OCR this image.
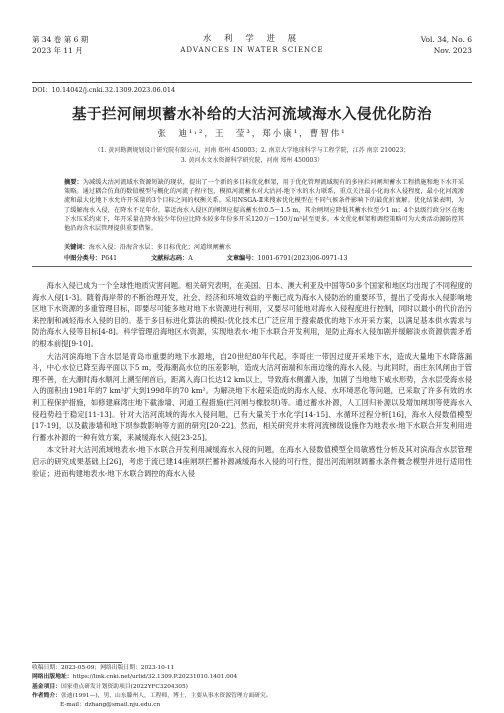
第 34 卷 第 6 期
2023 年 11 月
水 利 学 进 展
ADVANCES IN WATER SCIENCE
Vol. 34, No. 6
Nov. 2023
DOI：10.14042/j.cnki.32.1309.2023.06.014
基于拦河闸坝蓄水补给的大沽河流域海水入侵优化防治
张　迪¹˒²，王　莹³，郑小康¹，曹智伟¹
（1. 黄河勘测规划设计研究院有限公司，河南 郑州 450003；2. 南京大学地球科学与工程学院，江苏 南京 210023；
3. 黄河水文水资源科学研究院，河南 郑州 450003）
摘要：为减缓大沽河流域水资源短缺的现状，提出了一个新的多目标优化框架，用于优化管理流域现有的多座拦河闸坝蓄水工程措施和地下水开采策略。通过耦合仿真的数值模型与概化的河流子程序包，模拟河流蓄水对大沽河-地下水的水力联系，重点关注最小化海水入侵程度，最小化河流渗流和最大化地下水允许开采量的3个目标之间的权衡关系。采用NSGA-Ⅱ来搜索优化模型在不同气候条件影响下的最优折衷解。优化结果表明，为了缓解海水入侵，在降水不足年份，靠近海水入侵区的闸坝应提高蓄水位0.5～1.5 m，其余闸坝应降低其蓄水位至少1 m；4个县级行政分区在地下水压采约束下，年开采量在降水较少年份应比降水较多年份多开采120万～150万m³甚至更多。本文优化框架和调控策略可为大类活动源防控其他沿海含水层管理提供重要借鉴。
关键词：海水入侵；沿海含水层；多目标优化；河道坝闸蓄水
中图分类号：P641	文献标志码：A	文章编号：1001-6791(2023)06-0971-13

海水入侵已成为一个全球性地质灾害问题。相关研究表明，在美国、日本、澳大利亚及中国等50多个国家和地区均出现了不同程度的海水入侵[1-3]。随着海岸带的不断治理开发，社会、经济和环境效益的平衡已成为海水入侵防治的重要环节，提出了受海水入侵影响地区地下水资源的多重管理目标，即要尽可能多地对地下水资源进行利用，又要尽可能地对海水入侵程度进行控制，同时以最小的代价治污来控制和减轻海水入侵的目的。基于多目标进化算法的模拟-优化技术已广泛应用于搜索最优的地下水开采方案，以满足基本供水需求与防治海水入侵等目标[4-8]。科学管理沿海地区水资源，实现地表水-地下水联合开发利用，是防止海水入侵加剧并缓解淡水资源供需矛盾的根本前提[9-10]。

大沽河滨海地下含水层是青岛市重要的地下水源地，自20世纪80年代起，李哥庄一带因过度开采地下水，造成大量地下水降落漏斗，中心水位已降至海平面以下5 m，受海潮高水位的压差影响，造成大沽河南端和东南边缘的海水入侵。与此同时，南庄东风闸由于管理不善，在大潮时海水顺河上溯至闸首后，距离入海口长达12 km以上，导致海水侧灌入渗，加剧了当地地下咸水形势，含水层受海水侵入的面积由1981年的7 km²扩大到1998年的70 km²。为解决地下水超采造成的海水入侵、水环境恶化等问题，已采取了许多有效的水利工程保护措施，如修建麻湾庄地下截渗墙、河道工程措施(拦河闸与橡胶坝)等。通过蓄水补源，人工回归补源以及增加闸坝等使海水入侵趋势趋于稳定[11-13]。针对大沽河流域的海水入侵问题，已有大量关于水化学[14-15]、水循环过程分析[16]，海水入侵数值模型[17-19]，以及截渗墙和地下坝参数影响等方面的研究[20-22]。然而，相关研究并未将河流梯级设施作为地表水-地下水联合开发利用进行蓄水补源的一种有效方案，来减缓海水入侵[23-25]。

本文针对大沽河流域地表水-地下水联合开发利用减缓海水入侵的问题，在海水入侵数值模型全局敏感性分析及其对滨海含水层管理启示的研究成果基础上[26]，考虑于流已建14座闸坝拦蓄补源减缓海水入侵的可行性，提出河流闸坝调蓄水条件概念模型并进行适用性验证；进而构建地表水-地下水联合调控的海水入侵

收稿日期：2023-05-09；网络出版日期：2023-10-11
网络出版地址：https://link.cnki.net/urlid/32.1309.P.20231010.1401.004
基金项目：国家重点研发计划资助项目(2022YFC3204305)
作者简介：张迪(1991—)，男，山东滕州人，工程师，博士，主要从事水资源管理方面研究。
E-mail：dzhang@smail.nju.edu.cn
